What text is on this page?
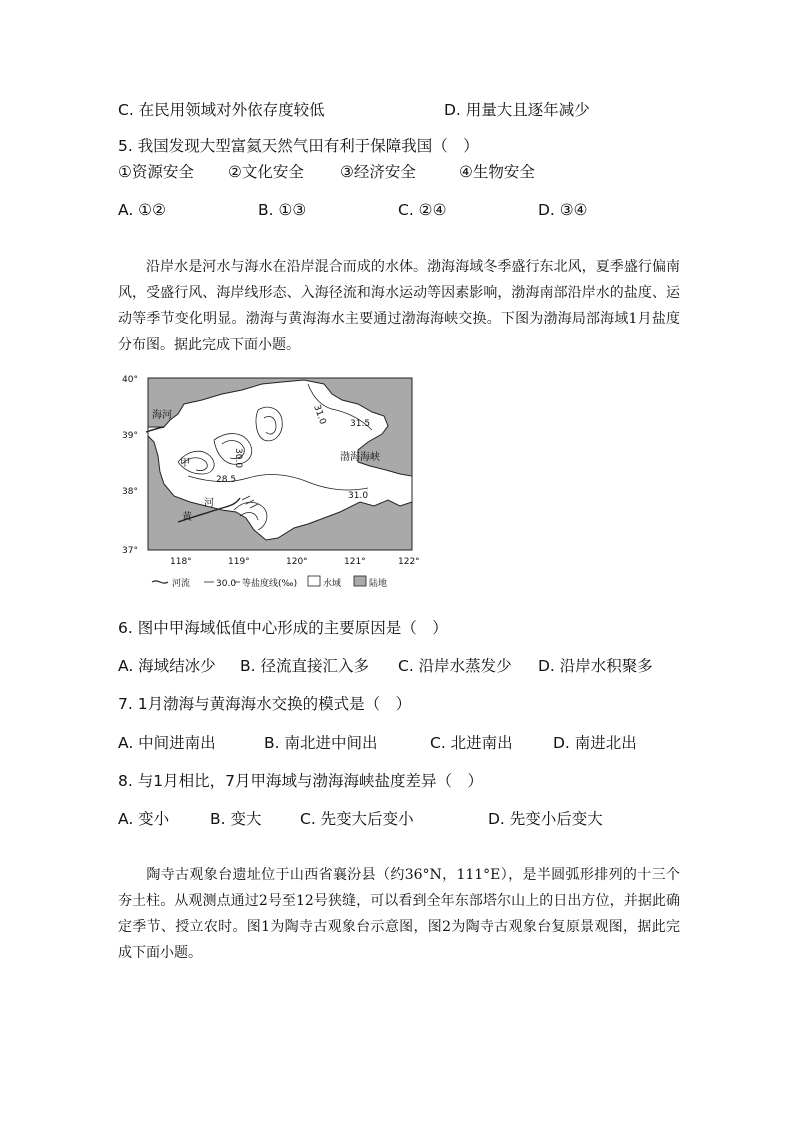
C. 在民用领域对外依存度较低	D. 用量大且逐年减少
5. 我国发现大型富氦天然气田有利于保障我国（　）
①资源安全 ②文化安全 ③经济安全	④生物安全
A. ①②	B. ①③	C. ②④	D. ③④
沿岸水是河水与海水在沿岸混合而成的水体。渤海海域冬季盛行东北风，夏季盛行偏南风，受盛行风、海岸线形态、入海径流和海水运动等因素影响，渤海南部沿岸水的盐度、运动等季节变化明显。渤海与黄海海水主要通过渤海海峡交换。下图为渤海局部海域1月盐度分布图。据此完成下面小题。
海河
渤海海峡
黄
河
甲
31.0	31.5
30.0
28.5
31.0
40°
39°
38°
37°
118°	119°	120°	121°	122°
河流	30.0 等盐度线(‰)	水域	陆地
6. 图中甲海域低值中心形成的主要原因是（　）
A. 海域结冰少 B. 径流直接汇入多 C. 沿岸水蒸发少 D. 沿岸水积聚多
7. 1月渤海与黄海海水交换的模式是（　）
A. 中间进南出	B. 南北进中间出	C. 北进南出	D. 南进北出
8. 与1月相比，7月甲海域与渤海海峡盐度差异（　）
A. 变小	B. 变大 C. 先变大后变小	D. 先变小后变大
陶寺古观象台遗址位于山西省襄汾县（约36°N，111°E），是半圆弧形排列的十三个夯土柱。从观测点通过2号至12号狭缝，可以看到全年东部塔尔山上的日出方位，并据此确定季节、授立农时。图1为陶寺古观象台示意图，图2为陶寺古观象台复原景观图，据此完成下面小题。
